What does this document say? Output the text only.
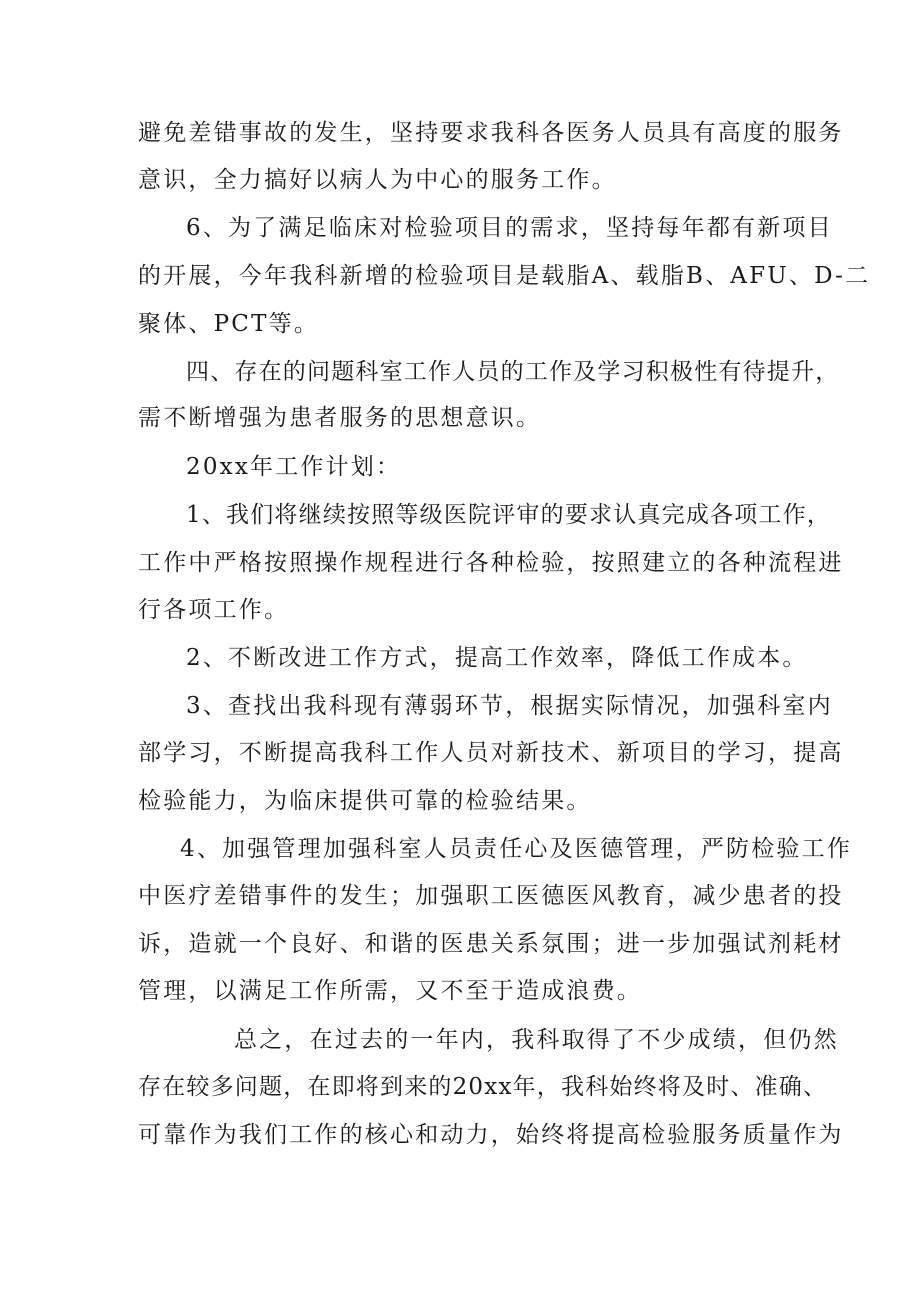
避免差错事故的发生，坚持要求我科各医务人员具有高度的服务
意识，全力搞好以病人为中心的服务工作。
6、为了满足临床对检验项目的需求，坚持每年都有新项目
的开展，今年我科新增的检验项目是载脂A、载脂B、AFU、D-二
聚体、PCT等。
四、存在的问题科室工作人员的工作及学习积极性有待提升，
需不断增强为患者服务的思想意识。
20xx年工作计划：
1、我们将继续按照等级医院评审的要求认真完成各项工作，
工作中严格按照操作规程进行各种检验，按照建立的各种流程进
行各项工作。
2、不断改进工作方式，提高工作效率，降低工作成本。
3、查找出我科现有薄弱环节，根据实际情况，加强科室内
部学习，不断提高我科工作人员对新技术、新项目的学习，提高
检验能力，为临床提供可靠的检验结果。
4、加强管理加强科室人员责任心及医德管理，严防检验工作
中医疗差错事件的发生；加强职工医德医风教育，减少患者的投
诉，造就一个良好、和谐的医患关系氛围；进一步加强试剂耗材
管理，以满足工作所需，又不至于造成浪费。
总之，在过去的一年内，我科取得了不少成绩，但仍然
存在较多问题，在即将到来的20xx年，我科始终将及时、准确、
可靠作为我们工作的核心和动力，始终将提高检验服务质量作为
